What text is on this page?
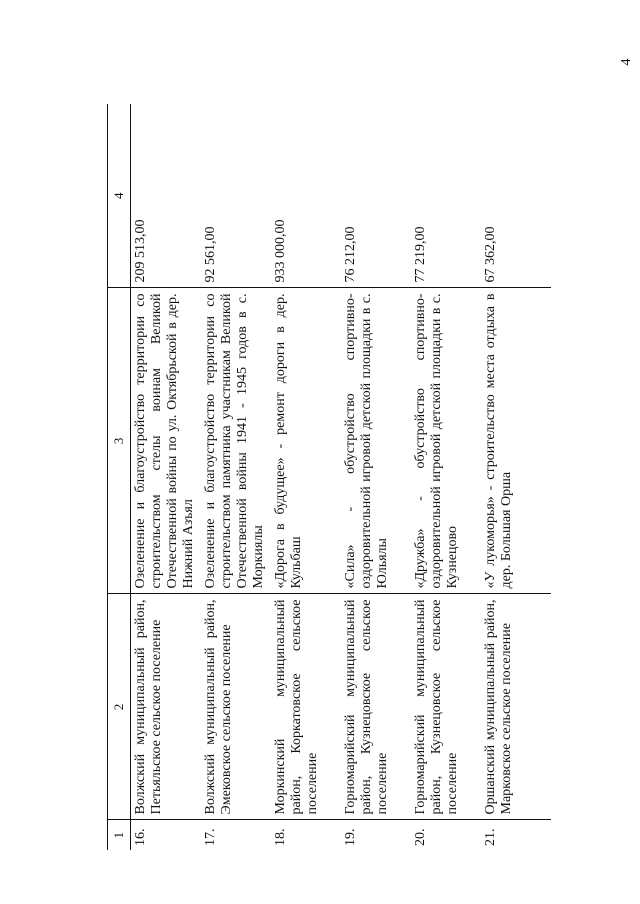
4
1	2	3	4
16.	Волжский муниципальный район, Петьяльское сельское поселение	Озеленение и благоустройство территории со строительством стелы воинам Великой Отечественной войны по ул. Октябрьской в дер. Нижний Азъял	209 513,00
17.	Волжский муниципальный район, Эмековское сельское поселение	Озеленение и благоустройство территории со строительством памятника участникам Великой Отечественной войны 1941 - 1945 годов в с. Моркиялы	92 561,00
18.	Моркинский муниципальный район, Коркатовское сельское поселение	«Дорога в будущее» - ремонт дороги в дер. Кульбаш	933 000,00
19.	Горномарийский муниципальный район, Кузнецовское сельское поселение	«Сила» - обустройство спортивно-оздоровительной игровой детской площадки в с. Юльялы	76 212,00
20.	Горномарийский муниципальный район, Кузнецовское сельское поселение	«Дружба» - обустройство спортивно-оздоровительной игровой детской площадки в с. Кузнецово	77 219,00
21.	Оршанский муниципальный район, Марковское сельское поселение	«У лукоморья» - строительство места отдыха в дер. Большая Орша	67 362,00
